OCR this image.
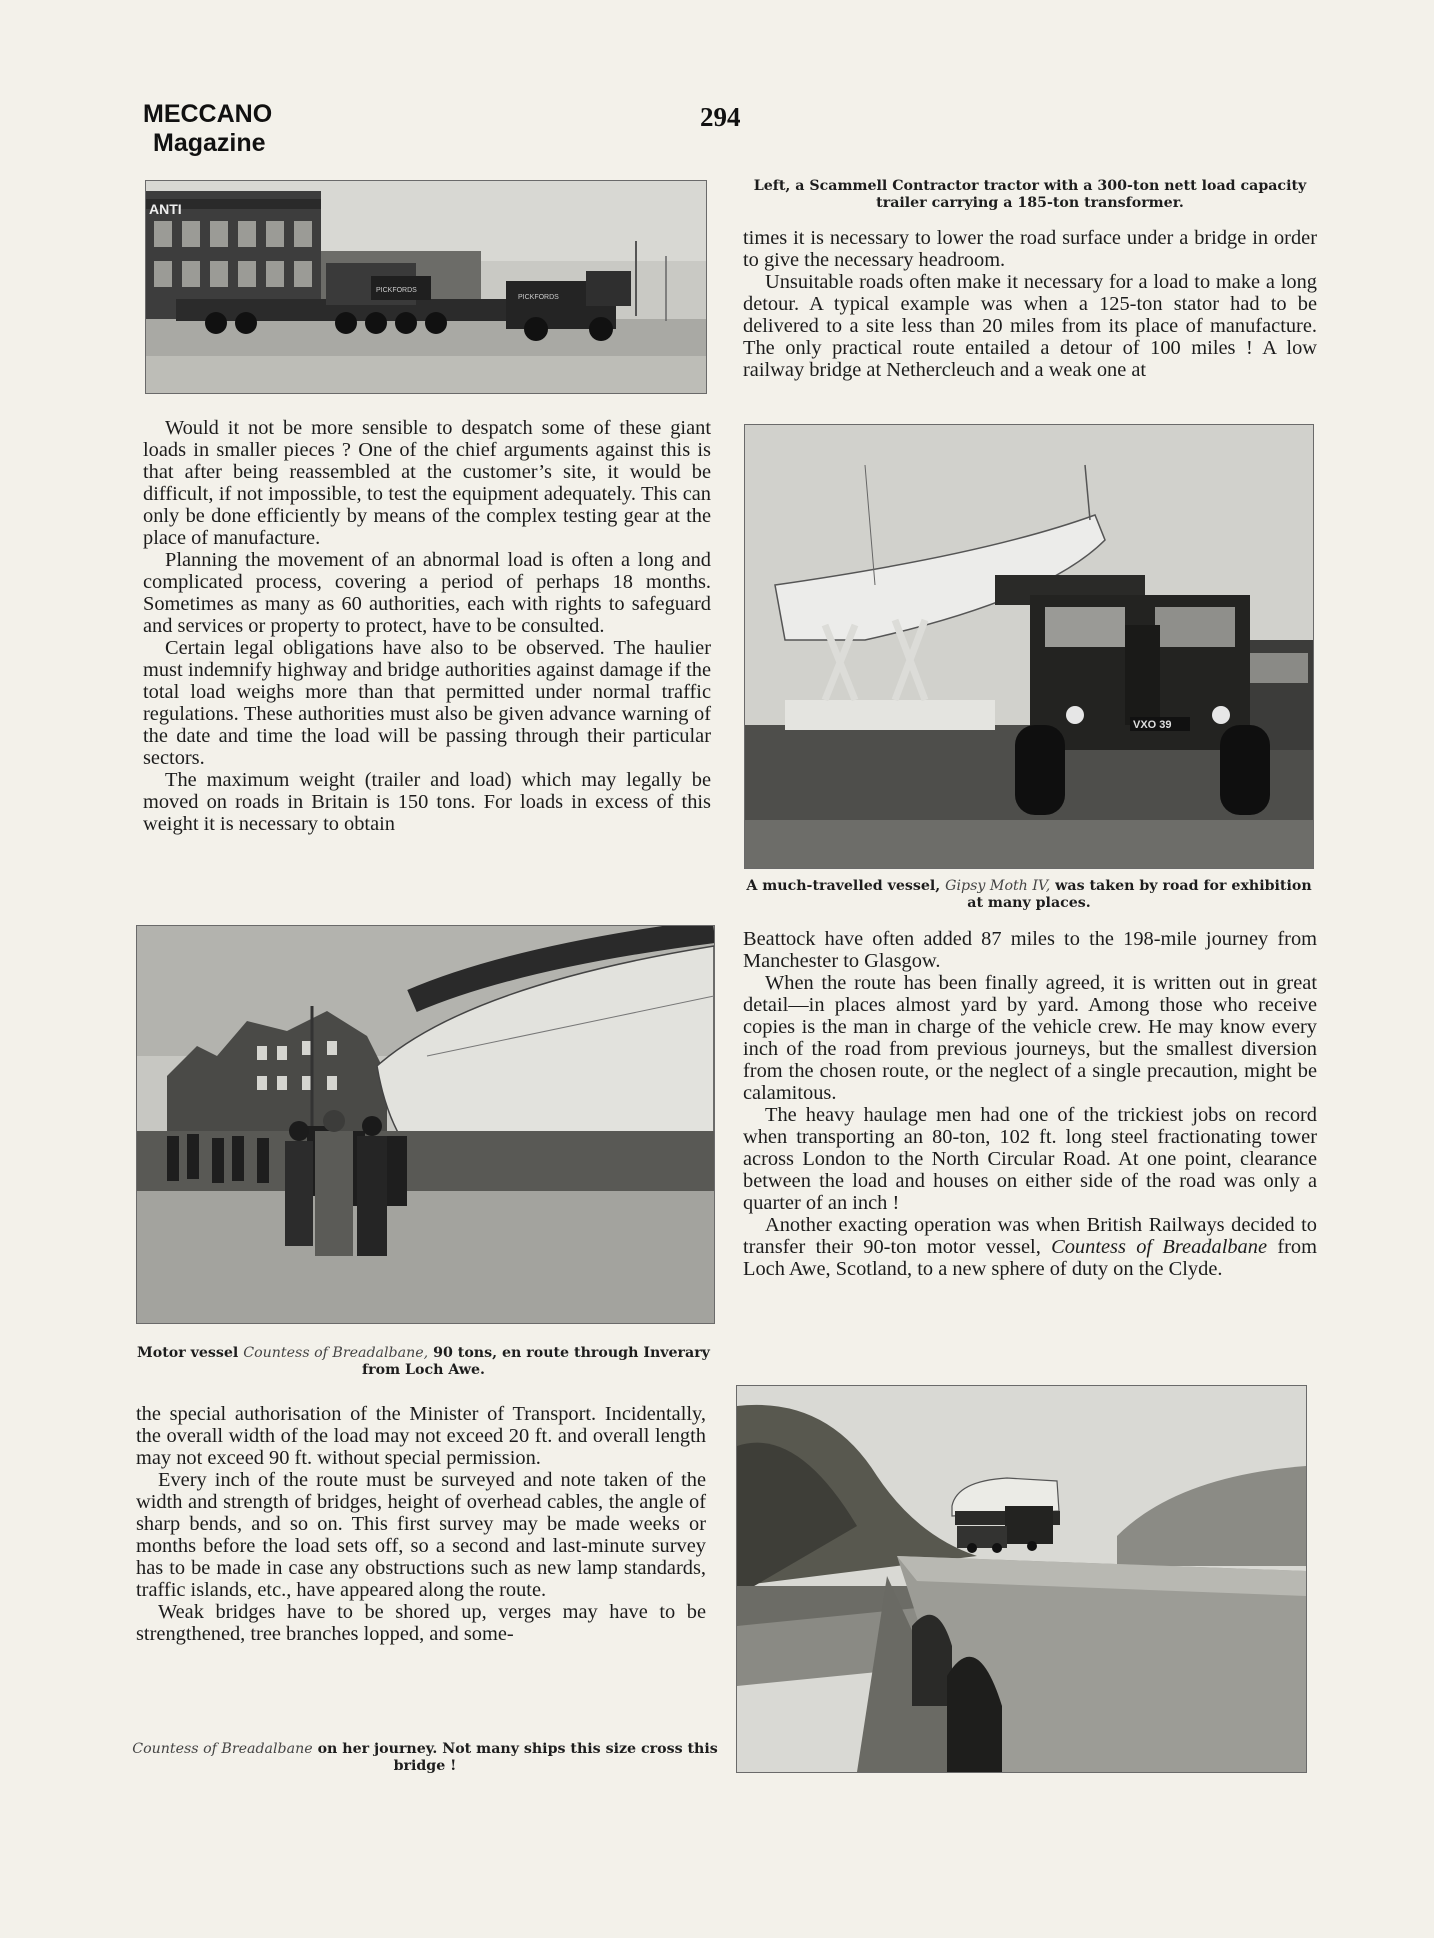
MECCANO
Magazine
294
ANTI
PICKFORDS
PICKFORDS
Left, a Scammell Contractor tractor with a 300-ton nett load capacity trailer carrying a 185-ton transformer.

times it is necessary to lower the road surface under a bridge in order to give the necessary headroom.

Unsuitable roads often make it necessary for a load to make a long detour. A typical example was when a 125-ton stator had to be delivered to a site less than 20 miles from its place of manufacture. The only practical route entailed a detour of 100 miles ! A low railway bridge at Nethercleuch and a weak one at

VXO 39
A much-travelled vessel, Gipsy Moth IV, was taken by road for exhibition at many places.

Beattock have often added 87 miles to the 198-mile journey from Manchester to Glasgow.

When the route has been finally agreed, it is written out in great detail—in places almost yard by yard. Among those who receive copies is the man in charge of the vehicle crew. He may know every inch of the road from previous journeys, but the smallest diversion from the chosen route, or the neglect of a single precaution, might be calamitous.

The heavy haulage men had one of the trickiest jobs on record when transporting an 80-ton, 102 ft. long steel fractionating tower across London to the North Circular Road. At one point, clearance between the load and houses on either side of the road was only a quarter of an inch !

Another exacting operation was when British Railways decided to transfer their 90-ton motor vessel, Countess of Breadalbane from Loch Awe, Scotland, to a new sphere of duty on the Clyde.

Would it not be more sensible to despatch some of these giant loads in smaller pieces ? One of the chief arguments against this is that after being reassembled at the customer’s site, it would be difficult, if not impossible, to test the equipment adequately. This can only be done efficiently by means of the complex testing gear at the place of manufacture.

Planning the movement of an abnormal load is often a long and complicated process, covering a period of perhaps 18 months. Sometimes as many as 60 authorities, each with rights to safeguard and services or property to protect, have to be consulted.

Certain legal obligations have also to be observed. The haulier must indemnify highway and bridge authorities against damage if the total load weighs more than that permitted under normal traffic regulations. These authorities must also be given advance warning of the date and time the load will be passing through their particular sectors.

The maximum weight (trailer and load) which may legally be moved on roads in Britain is 150 tons. For loads in excess of this weight it is necessary to obtain

Motor vessel Countess of Breadalbane, 90 tons, en route through Inverary from Loch Awe.

the special authorisation of the Minister of Transport. Incidentally, the overall width of the load may not exceed 20 ft. and overall length may not exceed 90 ft. without special permission.

Every inch of the route must be surveyed and note taken of the width and strength of bridges, height of overhead cables, the angle of sharp bends, and so on. This first survey may be made weeks or months before the load sets off, so a second and last-minute survey has to be made in case any obstructions such as new lamp standards, traffic islands, etc., have appeared along the route.

Weak bridges have to be shored up, verges may have to be strengthened, tree branches lopped, and some-

Countess of Breadalbane on her journey. Not many ships this size cross this bridge !
